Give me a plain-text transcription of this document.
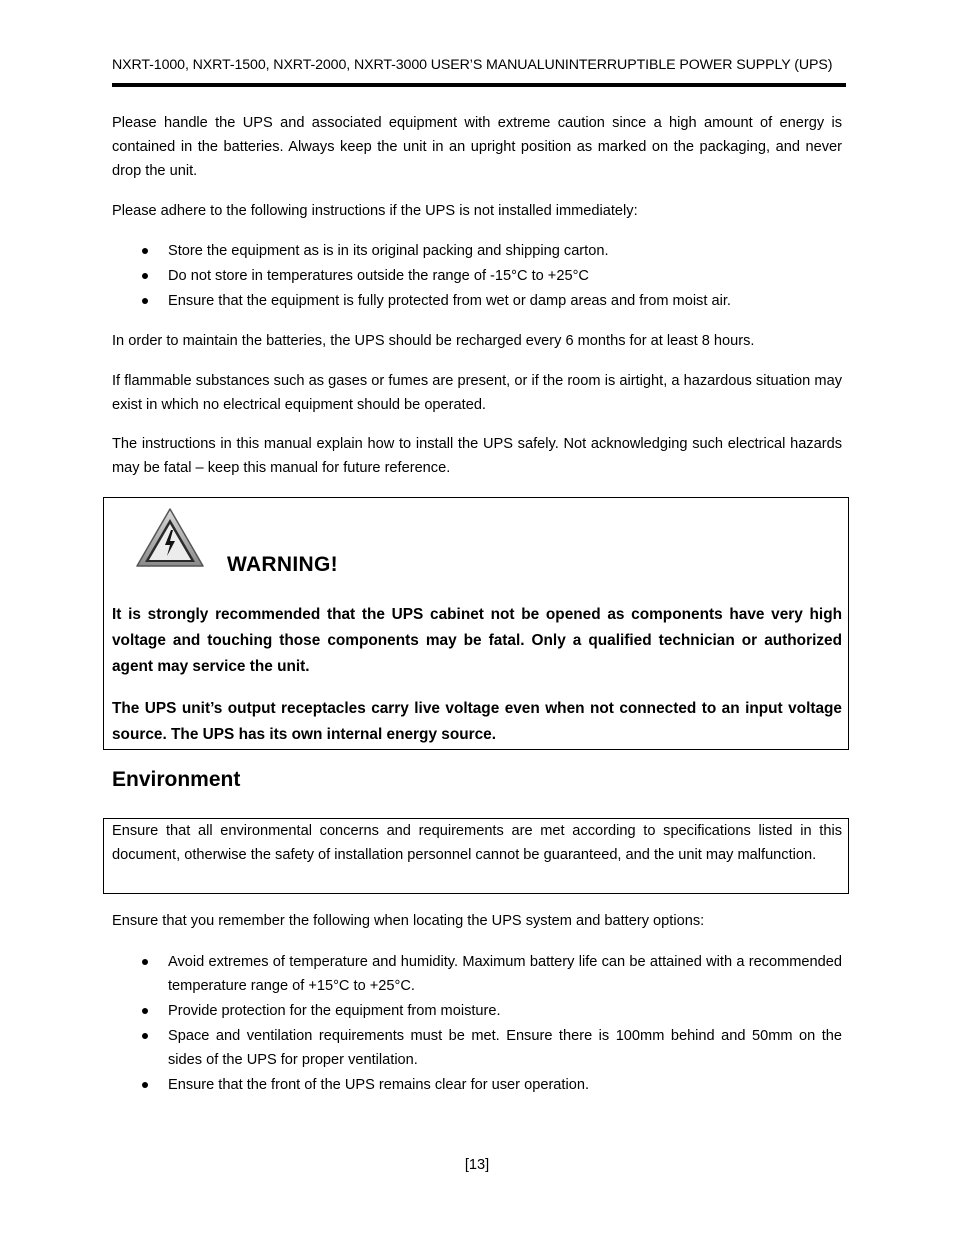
NXRT-1000, NXRT-1500, NXRT-2000, NXRT-3000 USER’S MANUALUNINTERRUPTIBLE POWER SUPPLY (UPS)

Please handle the UPS and associated equipment with extreme caution since a high amount of energy is contained in the batteries. Always keep the unit in an upright position as marked on the packaging, and never drop the unit.

Please adhere to the following instructions if the UPS is not installed immediately:

Store the equipment as is in its original packing and shipping carton.
Do not store in temperatures outside the range of -15°C to +25°C
Ensure that the equipment is fully protected from wet or damp areas and from moist air.

In order to maintain the batteries, the UPS should be recharged every 6 months for at least 8 hours.

If flammable substances such as gases or fumes are present, or if the room is airtight, a hazardous situation may exist in which no electrical equipment should be operated.

The instructions in this manual explain how to install the UPS safely. Not acknowledging such electrical hazards may be fatal – keep this manual for future reference.

WARNING!
It is strongly recommended that the UPS cabinet not be opened as components have very high voltage and touching those components may be fatal. Only a qualified technician or authorized agent may service the unit.
The UPS unit’s output receptacles carry live voltage even when not connected to an input voltage source. The UPS has its own internal energy source.
Environment

Ensure that all environmental concerns and requirements are met according to specifications listed in this document, otherwise the safety of installation personnel cannot be guaranteed, and the unit may malfunction.

Ensure that you remember the following when locating the UPS system and battery options:

Avoid extremes of temperature and humidity. Maximum battery life can be attained with a recommended temperature range of +15°C to +25°C.
Provide protection for the equipment from moisture.
Space and ventilation requirements must be met. Ensure there is 100mm behind and 50mm on the sides of the UPS for proper ventilation.
Ensure that the front of the UPS remains clear for user operation.
[13]
